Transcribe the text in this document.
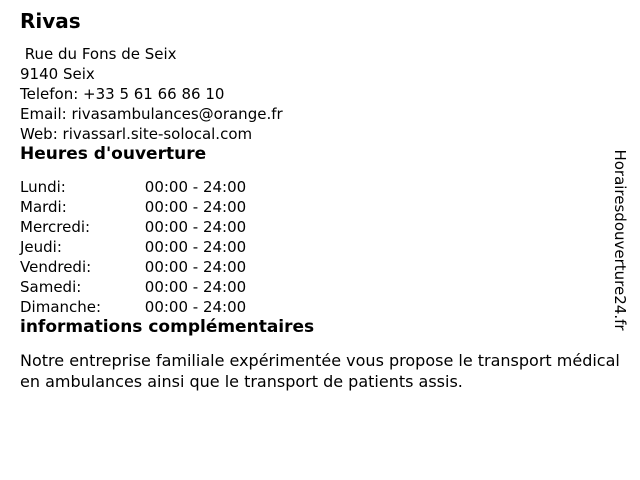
Rivas
Rue du Fons de Seix
9140 Seix
Telefon: +33 5 61 66 86 10
Email: rivasambulances@orange.fr
Web: rivassarl.site-solocal.com
Heures d'ouverture
Lundi:	00:00 - 24:00
Mardi:	00:00 - 24:00
Mercredi:	00:00 - 24:00
Jeudi:	00:00 - 24:00
Vendredi:	00:00 - 24:00
Samedi:	00:00 - 24:00
Dimanche:	00:00 - 24:00
informations complémentaires

Notre entreprise familiale expérimentée vous propose le transport médical en ambulances ainsi que le transport de patients assis.

Horairesdouverture24.fr
